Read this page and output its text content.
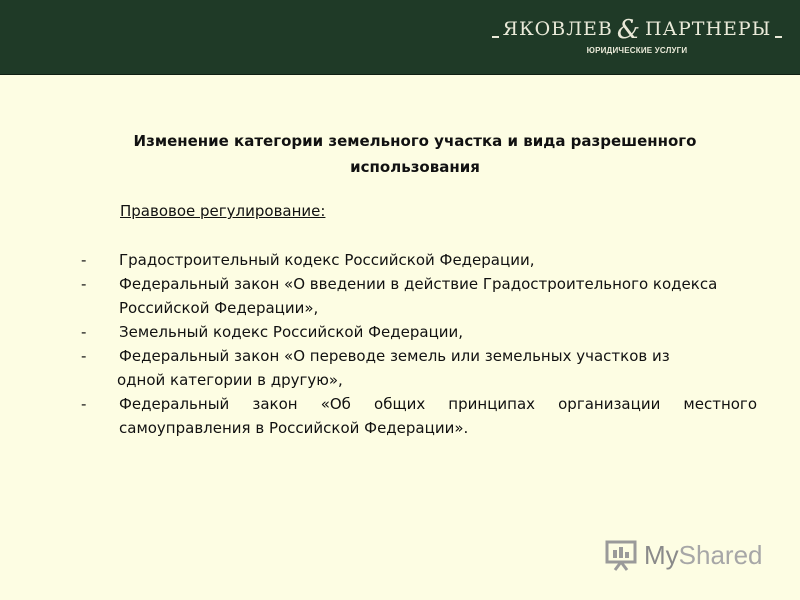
ЯКОВЛЕВ & ПАРТНЕРЫ
ЮРИДИЧЕСКИЕ УСЛУГИ
Изменение категории земельного участка и вида разрешенного
использования
Правовое регулирование:
-	Градостроительный кодекс Российской Федерации,
-	Федеральный закон «О введении в действие Градостроительного кодекса
Российской Федерации»,
-	Земельный кодекс Российской Федерации,
-	Федеральный закон «О переводе земель или земельных участков из
одной категории в другую»,
-	Федеральный закон «Об общих принципах организации местного
самоуправления в Российской Федерации».
MyShared
